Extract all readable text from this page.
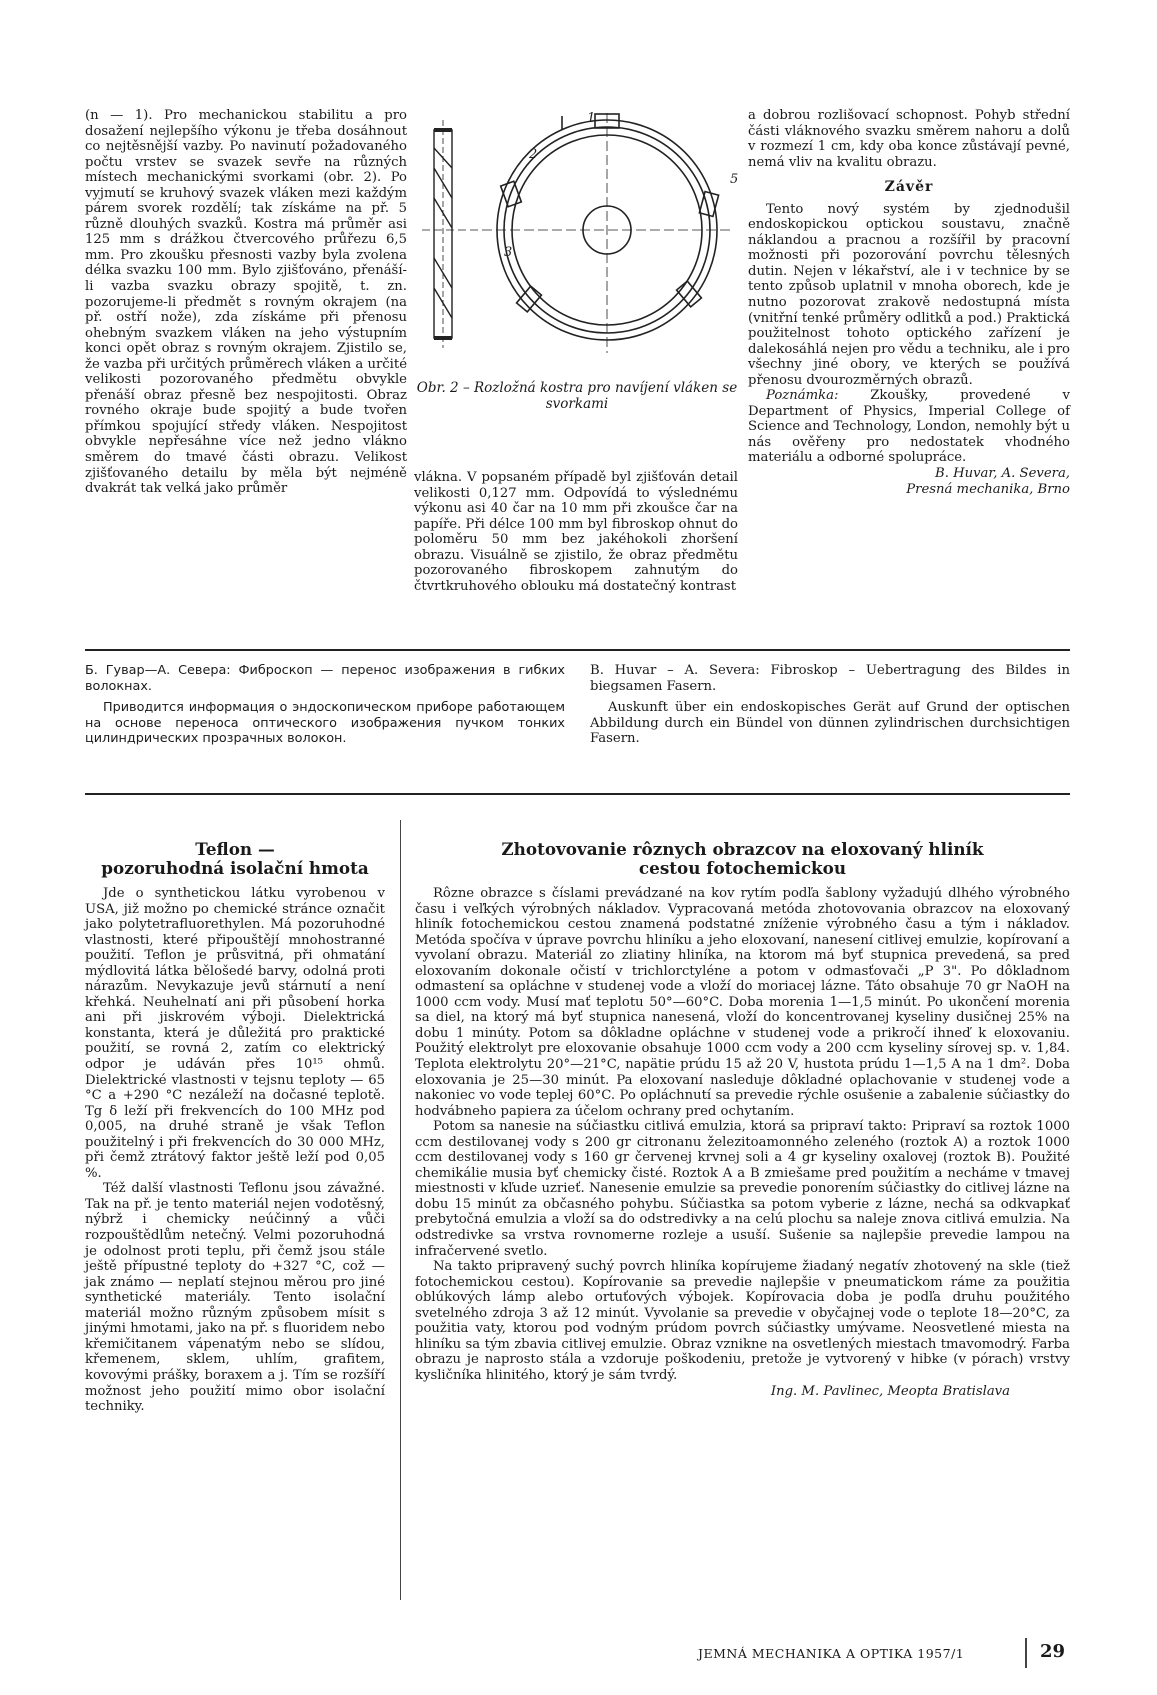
(n — 1). Pro mechanickou stabilitu a pro dosažení nejlepšího výkonu je třeba dosáhnout co nejtěsnější vazby. Po navinutí požadovaného počtu vrstev se svazek sevře na různých místech mechanickými svorkami (obr. 2). Po vyjmutí se kruhový svazek vláken mezi každým párem svorek rozdělí; tak získáme na př. 5 různě dlouhých svazků. Kostra má průměr asi 125 mm s drážkou čtvercového průřezu 6,5 mm. Pro zkoušku přesnosti vazby byla zvolena délka svazku 100 mm. Bylo zjišťováno, přenáší-li vazba svazku obrazy spojitě, t. zn. pozorujeme-li předmět s rovným okrajem (na př. ostří nože), zda získáme při přenosu ohebným svazkem vláken na jeho výstupním konci opět obraz s rovným okrajem. Zjistilo se, že vazba při určitých průměrech vláken a určité velikosti pozorovaného předmětu obvykle přenáší obraz přesně bez nespojitosti. Obraz rovného okraje bude spojitý a bude tvořen přímkou spojující středy vláken. Nespojitost obvykle nepřesáhne více než jedno vlákno směrem do tmavé části obrazu. Velikost zjišťovaného detailu by měla být nejméně dvakrát tak velká jako průměr

1
2
3
5
Obr. 2 – Rozložná kostra pro navíjení vláken se svorkami

vlákna. V popsaném případě byl zjišťován detail velikosti 0,127 mm. Odpovídá to výslednému výkonu asi 40 čar na 10 mm při zkoušce čar na papíře. Při délce 100 mm byl fibroskop ohnut do poloměru 50 mm bez jakéhokoli zhoršení obrazu. Visuálně se zjistilo, že obraz předmětu pozorovaného fibroskopem zahnutým do čtvrtkruhového oblouku má dostatečný kontrast

a dobrou rozlišovací schopnost. Pohyb střední části vláknového svazku směrem nahoru a dolů v rozmezí 1 cm, kdy oba konce zůstávají pevné, nemá vliv na kvalitu obrazu.

Závěr

Tento nový systém by zjednodušil endoskopickou optickou soustavu, značně náklandou a pracnou a rozšířil by pracovní možnosti při pozorování povrchu tělesných dutin. Nejen v lékařství, ale i v technice by se tento způsob uplatnil v mnoha oborech, kde je nutno pozorovat zrakově nedostupná místa (vnitřní tenké průměry odlitků a pod.) Praktická použitelnost tohoto optického zařízení je dalekosáhlá nejen pro vědu a techniku, ale i pro všechny jiné obory, ve kterých se používá přenosu dvourozměrných obrazů.

Poznámka: Zkoušky, provedené v Department of Physics, Imperial College of Science and Technology, London, nemohly být u nás ověřeny pro nedostatek vhodného materiálu a odborné spolupráce.

B. Huvar, A. Severa,

Presná mechanika, Brno

Б. Гувар—А. Севера: Фиброскоп — перенос изображения в гибких волокнах.

Приводится информация о эндоскопическом приборе работающем на основе переноса оптического изображения пучком тонких цилиндрических прозрачных волокон.

B. Huvar – A. Severa: Fibroskop – Uebertragung des Bildes in biegsamen Fasern.

Auskunft über ein endoskopisches Gerät auf Grund der optischen Abbildung durch ein Bündel von dünnen zylindrischen durchsichtigen Fasern.

Teflon —
pozoruhodná isolační hmota

Jde o synthetickou látku vyrobenou v USA, již možno po chemické stránce označit jako polytetrafluorethylen. Má pozoruhodné vlastnosti, které připouštějí mnohostranné použití. Teflon je průsvitná, při ohmatání mýdlovitá látka bělošedé barvy, odolná proti nárazům. Nevykazuje jevů stárnutí a není křehká. Neuhelnatí ani při působení horka ani při jiskrovém výboji. Dielektrická konstanta, která je důležitá pro praktické použití, se rovná 2, zatím co elektrický odpor je udáván přes 10¹⁵ ohmů. Dielektrické vlastnosti v tejsnu teploty — 65 °C a +290 °C nezáleží na dočasné teplotě. Tg δ leží při frekvencích do 100 MHz pod 0,005, na druhé straně je však Teflon použitelný i při frekvencích do 30 000 MHz, při čemž ztrátový faktor ještě leží pod 0,05 %.

Též další vlastnosti Teflonu jsou závažné. Tak na př. je tento materiál nejen vodotěsný, nýbrž i chemicky neúčinný a vůči rozpouštědlům netečný. Velmi pozoruhodná je odolnost proti teplu, při čemž jsou stále ještě přípustné teploty do +327 °C, což — jak známo — neplatí stejnou měrou pro jiné synthetické materiály. Tento isolační materiál možno různým způsobem mísit s jinými hmotami, jako na př. s fluoridem nebo křemičitanem vápenatým nebo se slídou, křemenem, sklem, uhlím, grafitem, kovovými prášky, boraxem a j. Tím se rozšíří možnost jeho použití mimo obor isolační techniky.

Zhotovovanie rôznych obrazcov na eloxovaný hliník
cestou fotochemickou

Rôzne obrazce s číslami prevádzané na kov rytím podľa šablony vyžadujú dlhého výrobného času i veľkých výrobných nákladov. Vypracovaná metóda zhotovovania obrazcov na eloxovaný hliník fotochemickou cestou znamená podstatné zníženie výrobného času a tým i nákladov. Metóda spočíva v úprave povrchu hliníku a jeho eloxovaní, nanesení citlivej emulzie, kopírovaní a vyvolaní obrazu. Materiál zo zliatiny hliníka, na ktorom má byť stupnica prevedená, sa pred eloxovaním dokonale očistí v trichlorctyléne a potom v odmasťovači „P 3". Po dôkladnom odmastení sa opláchne v studenej vode a vloží do moriacej lázne. Táto obsahuje 70 gr NaOH na 1000 ccm vody. Musí mať teplotu 50°—60°C. Doba morenia 1—1,5 minút. Po ukončení morenia sa diel, na ktorý má byť stupnica nanesená, vloží do koncentrovanej kyseliny dusičnej 25% na dobu 1 minúty. Potom sa dôkladne opláchne v studenej vode a prikročí ihneď k eloxovaniu. Použitý elektrolyt pre eloxovanie obsahuje 1000 ccm vody a 200 ccm kyseliny sírovej sp. v. 1,84. Teplota elektrolytu 20°—21°C, napätie prúdu 15 až 20 V, hustota prúdu 1—1,5 A na 1 dm². Doba eloxovania je 25—30 minút. Pa eloxovaní nasleduje dôkladné oplachovanie v studenej vode a nakoniec vo vode teplej 60°C. Po opláchnutí sa prevedie rýchle osušenie a zabalenie súčiastky do hodvábneho papiera za účelom ochrany pred ochytaním.

Potom sa nanesie na súčiastku citlivá emulzia, ktorá sa pripraví takto: Pripraví sa roztok 1000 ccm destilovanej vody s 200 gr citronanu železitoamonného zeleného (roztok A) a roztok 1000 ccm destilovanej vody s 160 gr červenej krvnej soli a 4 gr kyseliny oxalovej (roztok B). Použité chemikálie musia byť chemicky čisté. Roztok A a B zmiešame pred použitím a necháme v tmavej miestnosti v kľude uzrieť. Nanesenie emulzie sa prevedie ponorením súčiastky do citlivej lázne na dobu 15 minút za občasného pohybu. Súčiastka sa potom vyberie z lázne, nechá sa odkvapkať prebytočná emulzia a vloží sa do odstredivky a na celú plochu sa naleje znova citlivá emulzia. Na odstredivke sa vrstva rovnomerne rozleje a usuší. Sušenie sa najlepšie prevedie lampou na infračervené svetlo.

Na takto pripravený suchý povrch hliníka kopírujeme žiadaný negatív zhotovený na skle (tiež fotochemickou cestou). Kopírovanie sa prevedie najlepšie v pneumatickom ráme za použitia oblúkových lámp alebo ortuťových výbojek. Kopírovacia doba je podľa druhu použitého svetelného zdroja 3 až 12 minút. Vyvolanie sa prevedie v obyčajnej vode o teplote 18—20°C, za použitia vaty, ktorou pod vodným prúdom povrch súčiastky umývame. Neosvetlené miesta na hliníku sa tým zbavia citlivej emulzie. Obraz vznikne na osvetlených miestach tmavomodrý. Farba obrazu je naprosto stála a vzdoruje poškodeniu, pretože je vytvorený v hibke (v pórach) vrstvy kysličníka hlinitého, ktorý je sám tvrdý.

Ing. M. Pavlinec, Meopta Bratislava

JEMNÁ MECHANIKA A OPTIKA 1957/1	29
